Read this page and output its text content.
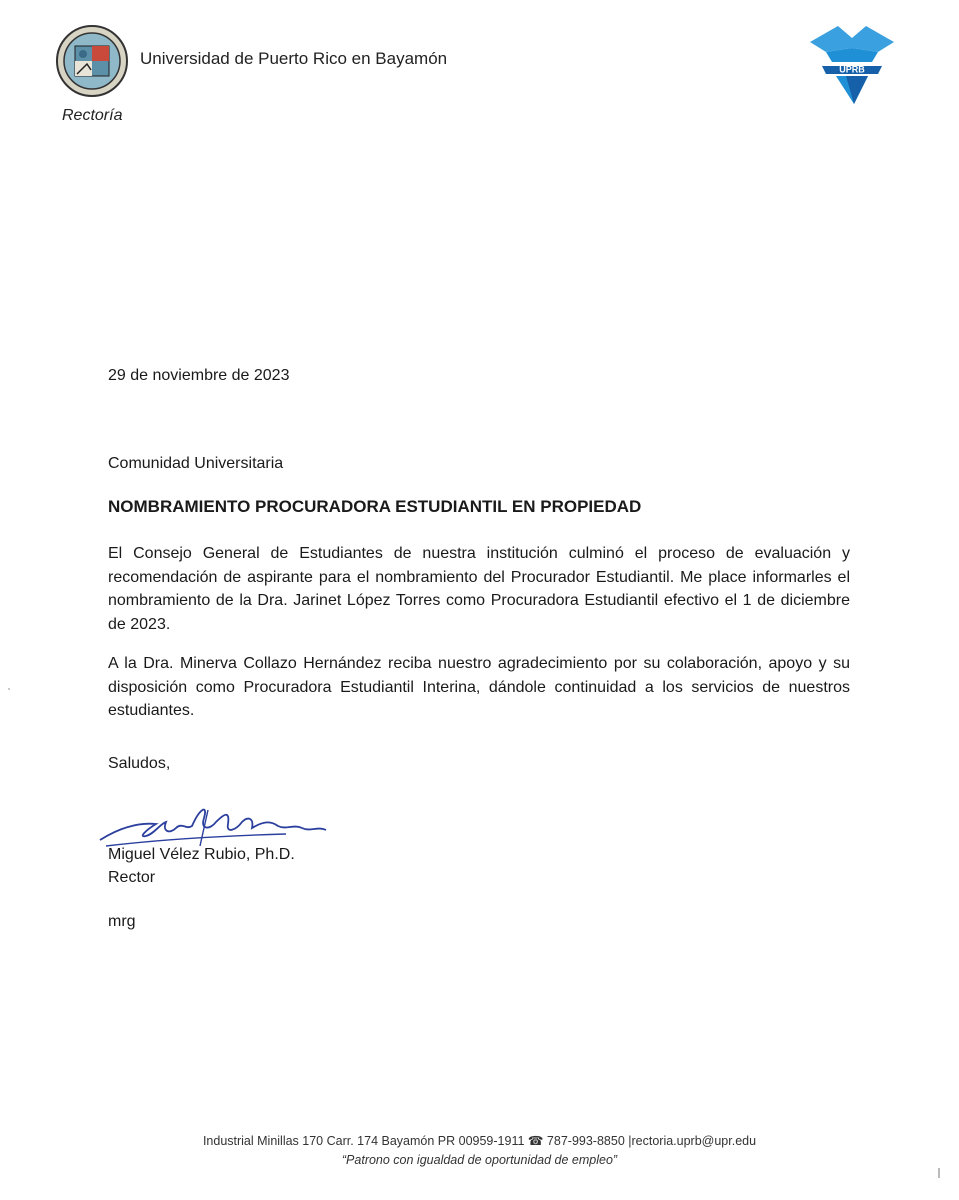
Universidad de Puerto Rico en Bayamón
Rectoría
UPRB
29 de noviembre de 2023
Comunidad Universitaria
NOMBRAMIENTO PROCURADORA ESTUDIANTIL EN PROPIEDAD
El Consejo General de Estudiantes de nuestra institución culminó el proceso de evaluación y recomendación de aspirante para el nombramiento del Procurador Estudiantil. Me place informarles el nombramiento de la Dra. Jarinet López Torres como Procuradora Estudiantil efectivo el 1 de diciembre de 2023.
A la Dra. Minerva Collazo Hernández reciba nuestro agradecimiento por su colaboración, apoyo y su disposición como Procuradora Estudiantil Interina, dándole continuidad a los servicios de nuestros estudiantes.
Saludos,
Miguel Vélez Rubio, Ph.D.
Rector
mrg
Industrial Minillas 170 Carr. 174 Bayamón PR 00959-1911 ☎ 787-993-8850 |rectoria.uprb@upr.edu
“Patrono con igualdad de oportunidad de empleo”
